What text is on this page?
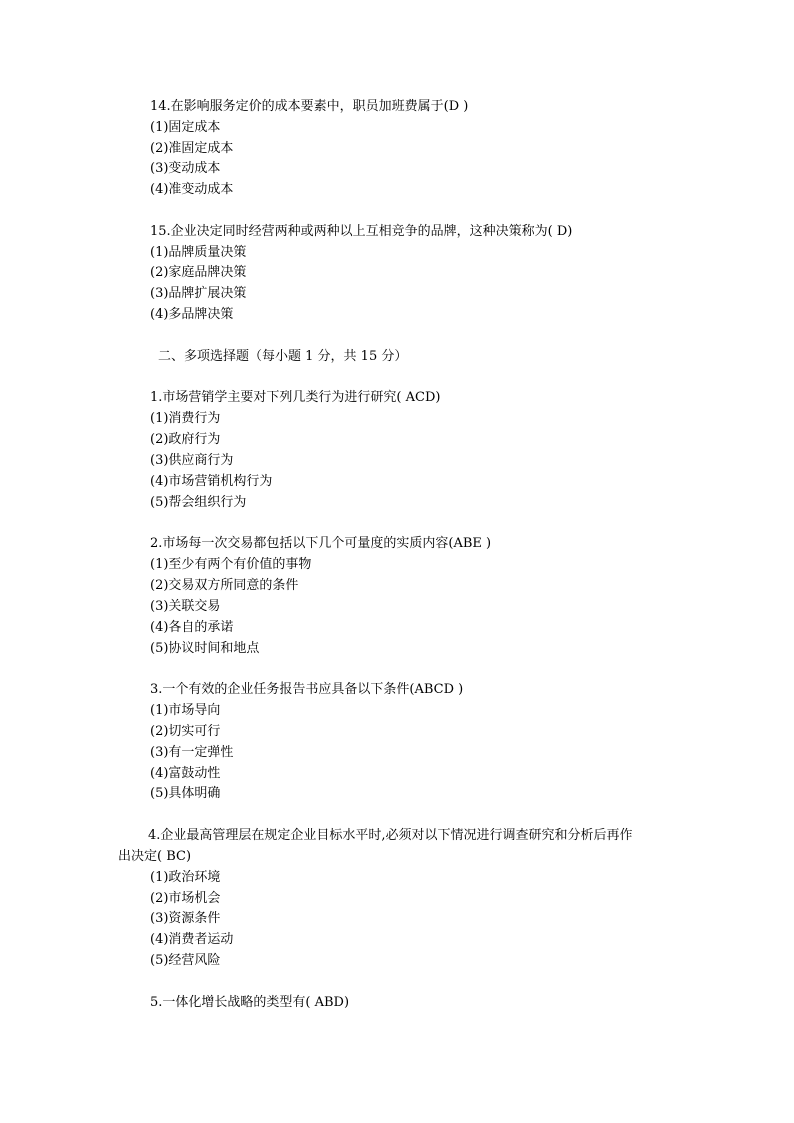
14.在影响服务定价的成本要素中，职员加班费属于(D )
(1)固定成本
(2)准固定成本
(3)变动成本
(4)准变动成本
15.企业决定同时经营两种或两种以上互相竞争的品牌，这种决策称为( D)
(1)品牌质量决策
(2)家庭品牌决策
(3)品牌扩展决策
(4)多品牌决策
二、多项选择题（每小题 1 分，共 15 分）
1.市场营销学主要对下列几类行为进行研究( ACD)
(1)消费行为
(2)政府行为
(3)供应商行为
(4)市场营销机构行为
(5)帮会组织行为
2.市场每一次交易都包括以下几个可量度的实质内容(ABE )
(1)至少有两个有价值的事物
(2)交易双方所同意的条件
(3)关联交易
(4)各自的承诺
(5)协议时间和地点
3.一个有效的企业任务报告书应具备以下条件(ABCD )
(1)市场导向
(2)切实可行
(3)有一定弹性
(4)富鼓动性
(5)具体明确
4.企业最高管理层在规定企业目标水平时,必须对以下情况进行调查研究和分析后再作
出决定( BC)
(1)政治环境
(2)市场机会
(3)资源条件
(4)消费者运动
(5)经营风险
5.一体化增长战略的类型有( ABD)
